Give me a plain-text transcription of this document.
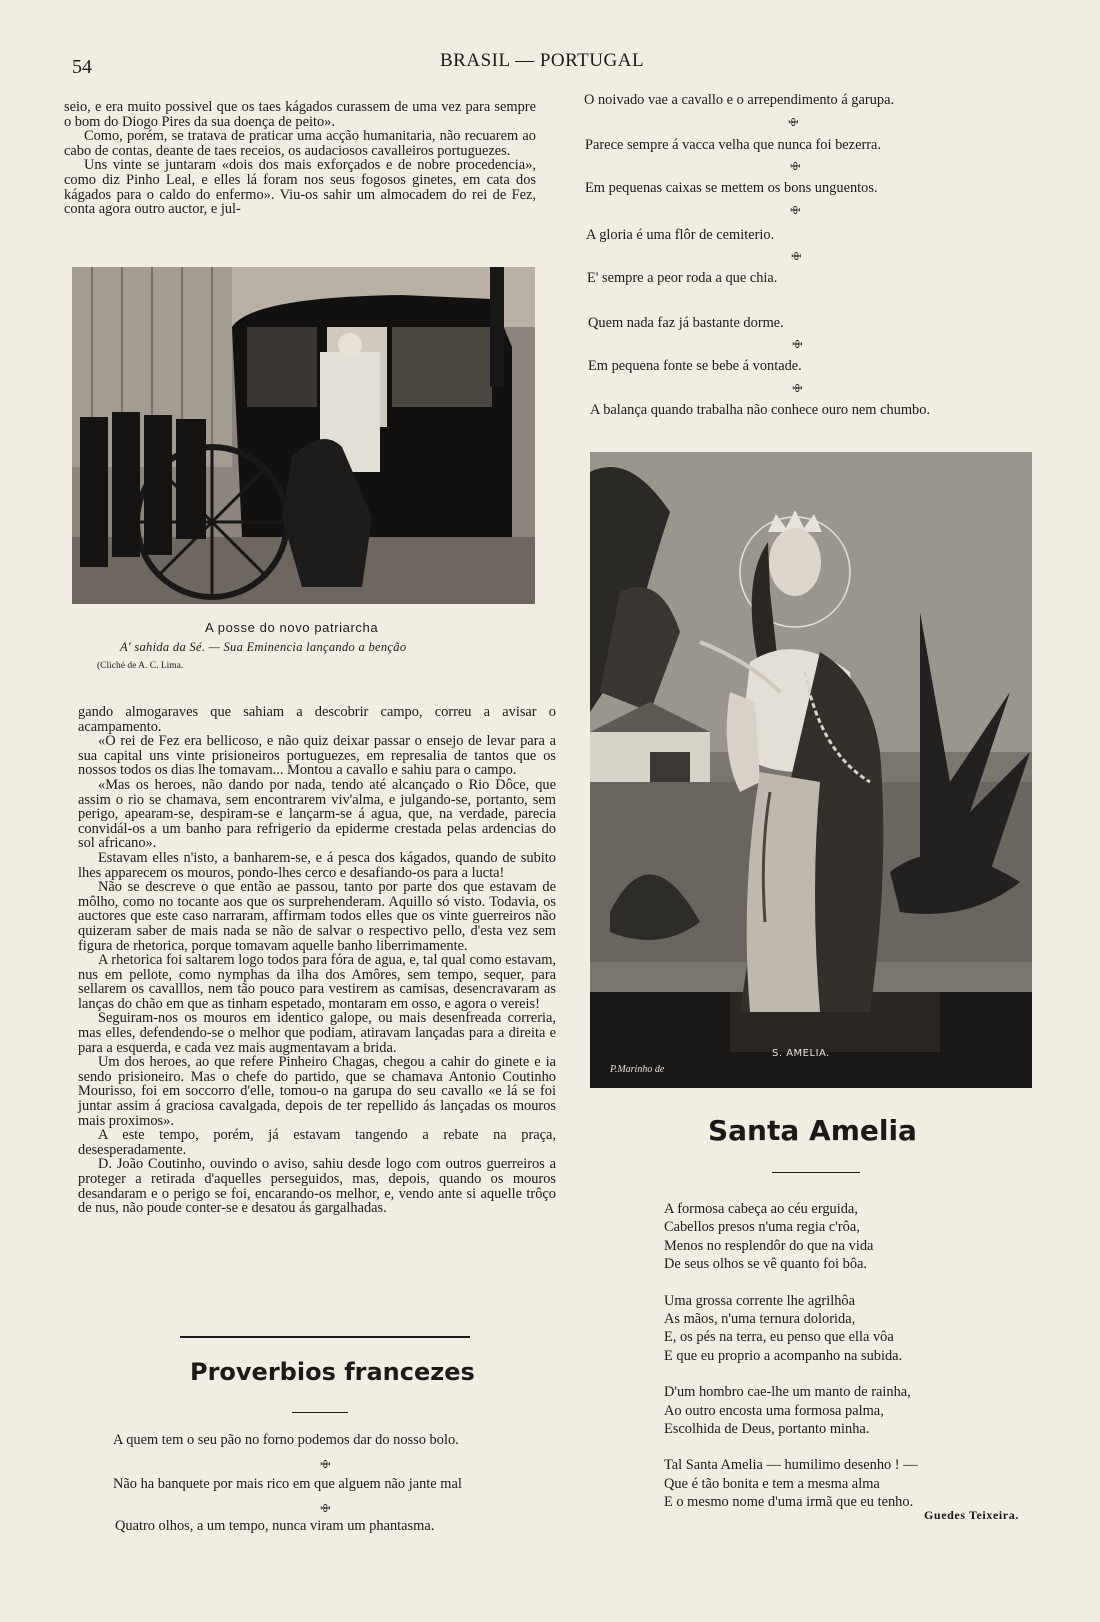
54	BRASIL — PORTUGAL

seio, e era muito possivel que os taes kágados curassem de uma vez para sempre o bom do Diogo Pires da sua doença de peito».

Como, porém, se tratava de praticar uma acção humanitaria, não recuarem ao cabo de contas, deante de taes receios, os audaciosos cavalleiros portuguezes.

Uns vinte se juntaram «dois dos mais exforçados e de nobre procedencia», como diz Pinho Leal, e elles lá foram nos seus fogosos ginetes, em cata dos kágados para o caldo do enfermo». Viu-os sahir um almocadem do rei de Fez, conta agora outro auctor, e jul-

A posse do novo patriarcha
A' sahida da Sé. — Sua Eminencia lançando a benção
(Cliché de A. C. Lima.

gando almogaraves que sahiam a descobrir campo, correu a avisar o acampamento.

«O rei de Fez era bellicoso, e não quiz deixar passar o ensejo de levar para a sua capital uns vinte prisioneiros portuguezes, em represalia de tantos que os nossos todos os dias lhe tomavam... Montou a cavallo e sahiu para o campo.

«Mas os heroes, não dando por nada, tendo até alcançado o Rio Dôce, que assim o rio se chamava, sem encontrarem viv'alma, e julgando-se, portanto, sem perigo, apearam-se, despiram-se e lançarm-se á agua, que, na verdade, parecia convidál-os a um banho para refrigerio da epiderme crestada pelas ardencias do sol africano».

Estavam elles n'isto, a banharem-se, e á pesca dos kágados, quando de subito lhes apparecem os mouros, pondo-lhes cerco e desafiando-os para a lucta!

Não se descreve o que então ae passou, tanto por parte dos que estavam de môlho, como no tocante aos que os surprehenderam. Aquillo só visto. Todavia, os auctores que este caso narraram, affirmam todos elles que os vinte guerreiros não quizeram saber de mais nada se não de salvar o respectivo pello, d'esta vez sem figura de rhetorica, porque tomavam aquelle banho liberrimamente.

A rhetorica foi saltarem logo todos para fóra de agua, e, tal qual como estavam, nus em pellote, como nymphas da ilha dos Amôres, sem tempo, sequer, para sellarem os cavalllos, nem tão pouco para vestirem as camisas, desencravaram as lanças do chão em que as tinham espetado, montaram em osso, e agora o vereis!

Seguiram-nos os mouros em identico galope, ou mais desenfreada correria, mas elles, defendendo-se o melhor que podiam, atiravam lançadas para a direita e para a esquerda, e cada vez mais augmentavam a brida.

Um dos heroes, ao que refere Pinheiro Chagas, chegou a cahir do ginete e ia sendo prisioneiro. Mas o chefe do partido, que se chamava Antonio Coutinho Mourisso, foi em soccorro d'elle, tomou-o na garupa do seu cavallo «e lá se foi juntar assim á graciosa cavalgada, depois de ter repellido ás lançadas os mouros mais proximos».

A este tempo, porém, já estavam tangendo a rebate na praça, desesperadamente.

D. João Coutinho, ouvindo o aviso, sahiu desde logo com outros guerreiros a proteger a retirada d'aquelles perseguidos, mas, depois, quando os mouros desandaram e o perigo se foi, encarando-os melhor, e, vendo ante si aquelle trôço de nus, não poude conter-se e desatou ás gargalhadas.

Proverbios francezes
A quem tem o seu pão no forno podemos dar do nosso bolo.
ꗳ
Não ha banquete por mais rico em que alguem não jante mal
ꗳ
Quatro olhos, a um tempo, nunca viram um phantasma.
O noivado vae a cavallo e o arrependimento á garupa.
ꗳ
Parece sempre á vacca velha que nunca foi bezerra.
ꗳ
Em pequenas caixas se mettem os bons unguentos.
ꗳ
A gloria é uma flôr de cemiterio.
ꗳ
E' sempre a peor roda a que chia.
Quem nada faz já bastante dorme.
ꗳ
Em pequena fonte se bebe á vontade.
ꗳ
A balança quando trabalha não conhece ouro nem chumbo.
S. AMELIA.
P.Marinho de
Santa Amelia
A formosa cabeça ao céu erguida,
Cabellos presos n'uma regia c'rôa,
Menos no resplendôr do que na vida
De seus olhos se vê quanto foi bôa.
Uma grossa corrente lhe agrilhôa
As mãos, n'uma ternura dolorida,
E, os pés na terra, eu penso que ella vôa
E que eu proprio a acompanho na subida.
D'um hombro cae-lhe um manto de rainha,
Ao outro encosta uma formosa palma,
Escolhida de Deus, portanto minha.
Tal Santa Amelia — humilimo desenho ! —
Que é tão bonita e tem a mesma alma
E o mesmo nome d'uma irmã que eu tenho.
Guedes Teixeira.
